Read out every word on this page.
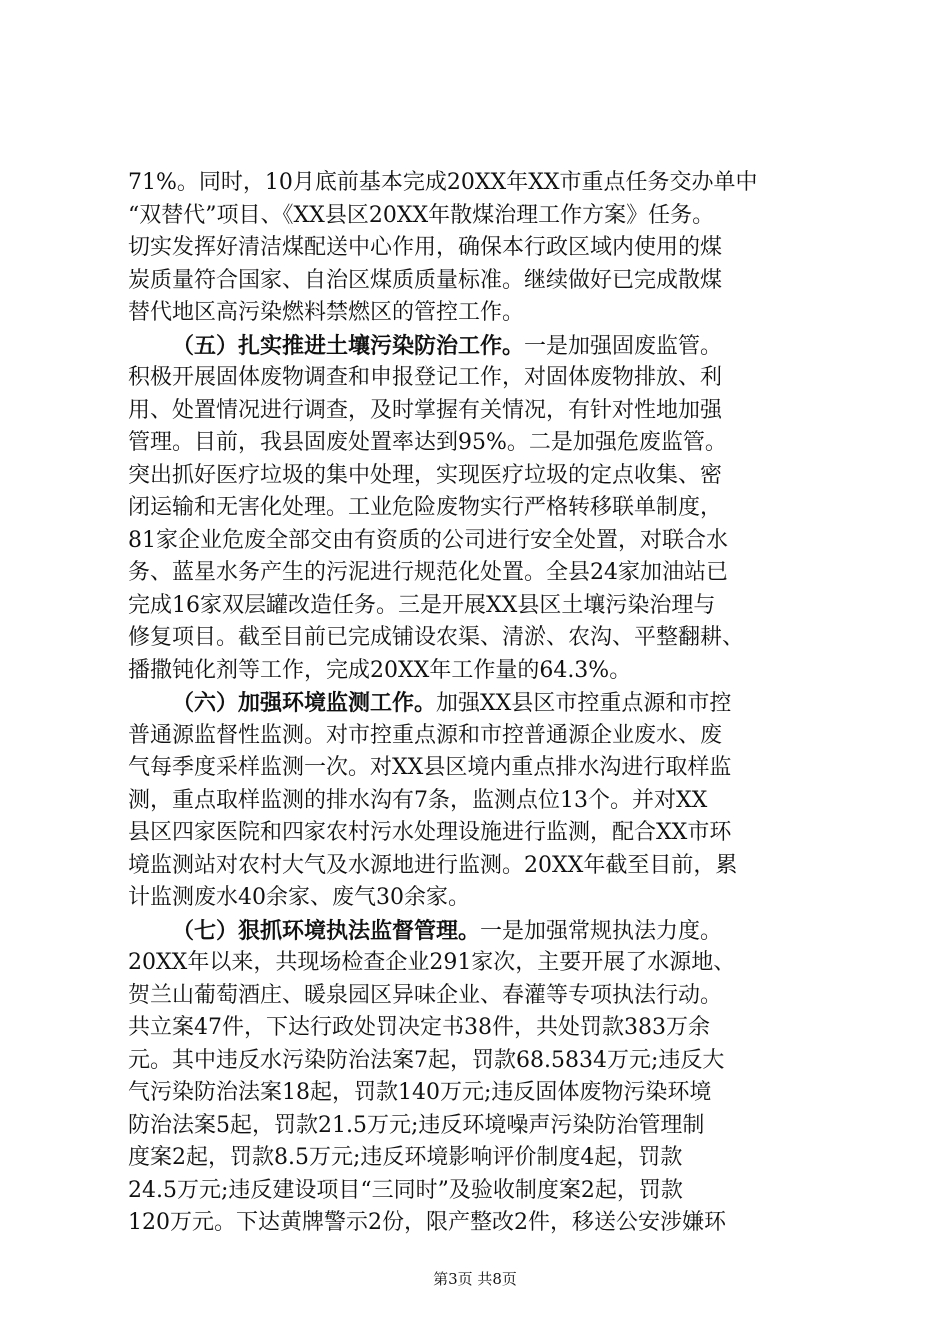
71%。同时，10月底前基本完成20XX年XX市重点任务交办单中
“双替代”项目、《XX县区20XX年散煤治理工作方案》任务。
切实发挥好清洁煤配送中心作用，确保本行政区域内使用的煤
炭质量符合国家、自治区煤质质量标准。继续做好已完成散煤
替代地区高污染燃料禁燃区的管控工作。
（五）扎实推进土壤污染防治工作。一是加强固废监管。
积极开展固体废物调查和申报登记工作，对固体废物排放、利
用、处置情况进行调查，及时掌握有关情况，有针对性地加强
管理。目前，我县固废处置率达到95%。二是加强危废监管。
突出抓好医疗垃圾的集中处理，实现医疗垃圾的定点收集、密
闭运输和无害化处理。工业危险废物实行严格转移联单制度，
81家企业危废全部交由有资质的公司进行安全处置，对联合水
务、蓝星水务产生的污泥进行规范化处置。全县24家加油站已
完成16家双层罐改造任务。三是开展XX县区土壤污染治理与
修复项目。截至目前已完成铺设农渠、清淤、农沟、平整翻耕、
播撒钝化剂等工作，完成20XX年工作量的64.3%。
（六）加强环境监测工作。加强XX县区市控重点源和市控
普通源监督性监测。对市控重点源和市控普通源企业废水、废
气每季度采样监测一次。对XX县区境内重点排水沟进行取样监
测，重点取样监测的排水沟有7条，监测点位13个。并对XX
县区四家医院和四家农村污水处理设施进行监测，配合XX市环
境监测站对农村大气及水源地进行监测。20XX年截至目前，累
计监测废水40余家、废气30余家。
（七）狠抓环境执法监督管理。一是加强常规执法力度。
20XX年以来，共现场检查企业291家次，主要开展了水源地、
贺兰山葡萄酒庄、暖泉园区异味企业、春灌等专项执法行动。
共立案47件，下达行政处罚决定书38件，共处罚款383万余
元。其中违反水污染防治法案7起，罚款68.5834万元;违反大
气污染防治法案18起，罚款140万元;违反固体废物污染环境
防治法案5起，罚款21.5万元;违反环境噪声污染防治管理制
度案2起，罚款8.5万元;违反环境影响评价制度4起，罚款
24.5万元;违反建设项目“三同时”及验收制度案2起，罚款
120万元。下达黄牌警示2份，限产整改2件，移送公安涉嫌环
第3页 共8页
